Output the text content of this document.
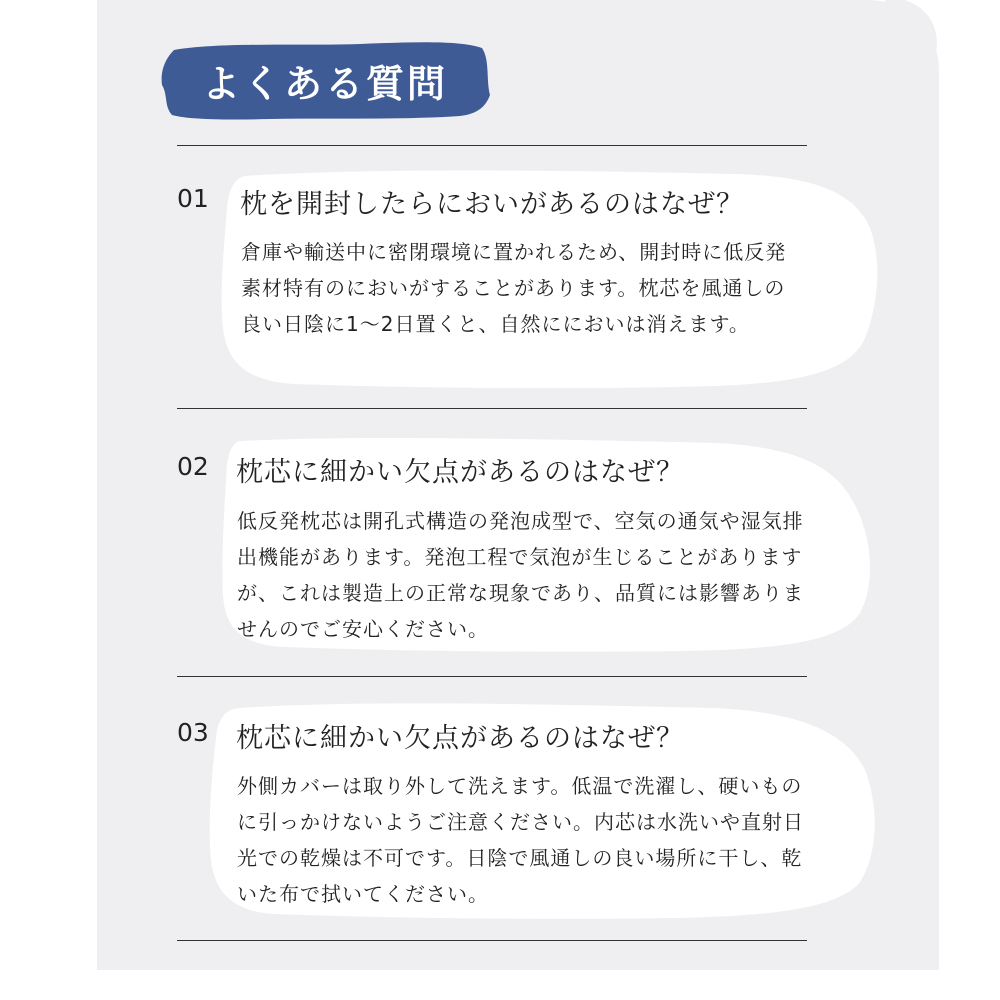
よくある質問
01 枕を開封したらにおいがあるのはなぜ？
倉庫や輸送中に密閉環境に置かれるため、開封時に低反発素材特有のにおいがすることがあります。枕芯を風通しの良い日陰に1～2日置くと、自然ににおいは消えます。
02 枕芯に細かい欠点があるのはなぜ？
低反発枕芯は開孔式構造の発泡成型で、空気の通気や湿気排出機能があります。発泡工程で気泡が生じることがありますが、これは製造上の正常な現象であり、品質には影響ありませんのでご安心ください。
03 枕芯に細かい欠点があるのはなぜ？
外側カバーは取り外して洗えます。低温で洗濯し、硬いものに引っかけないようご注意ください。内芯は水洗いや直射日光での乾燥は不可です。日陰で風通しの良い場所に干し、乾いた布で拭いてください。
